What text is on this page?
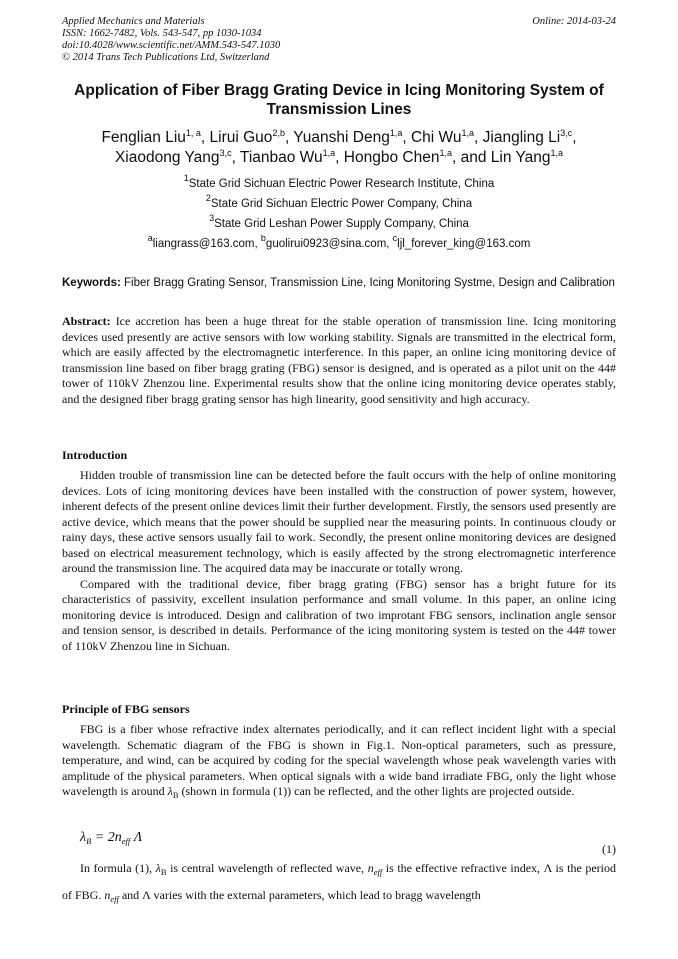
Applied Mechanics and Materials
ISSN: 1662-7482, Vols. 543-547, pp 1030-1034
doi:10.4028/www.scientific.net/AMM.543-547.1030
© 2014 Trans Tech Publications Ltd, Switzerland
Online: 2014-03-24
Application of Fiber Bragg Grating Device in Icing Monitoring System of Transmission Lines
Fenglian Liu$^{1, a}$, Lirui Guo$^{2,b}$, Yuanshi Deng$^{1,a}$, Chi Wu$^{1,a}$, Jiangling Li$^{3,c}$,
Xiaodong Yang$^{3,c}$, Tianbao Wu$^{1,a}$, Hongbo Chen$^{1,a}$, and Lin Yang$^{1,a}$
$^1$State Grid Sichuan Electric Power Research Institute, China
$^2$State Grid Sichuan Electric Power Company, China
$^3$State Grid Leshan Power Supply Company, China
$^a$liangrass@163.com, $^b$guolirui0923@sina.com, $^c$ljl_forever_king@163.com
Keywords: Fiber Bragg Grating Sensor, Transmission Line, Icing Monitoring Systme, Design and Calibration
Abstract: Ice accretion has been a huge threat for the stable operation of transmission line. Icing monitoring devices used presently are active sensors with low working stability. Signals are transmitted in the electrical form, which are easily affected by the electromagnetic interference. In this paper, an online icing monitoring device of transmission line based on fiber bragg grating (FBG) sensor is designed, and is operated as a pilot unit on the 44# tower of 110kV Zhenzou line. Experimental results show that the online icing monitoring device operates stably, and the designed fiber bragg grating sensor has high linearity, good sensitivity and high accuracy.
Introduction

Hidden trouble of transmission line can be detected before the fault occurs with the help of online monitoring devices. Lots of icing monitoring devices have been installed with the construction of power system, however, inherent defects of the present online devices limit their further development. Firstly, the sensors used presently are active device, which means that the power should be supplied near the measuring points. In continuous cloudy or rainy days, these active sensors usually fail to work. Secondly, the present online monitoring devices are designed based on electrical measurement technology, which is easily affected by the strong electromagnetic interference around the transmission line. The acquired data may be inaccurate or totally wrong.

Compared with the traditional device, fiber bragg grating (FBG) sensor has a bright future for its characteristics of passivity, excellent insulation performance and small volume. In this paper, an online icing monitoring device is introduced. Design and calibration of two improtant FBG sensors, inclination angle sensor and tension sensor, is described in details. Performance of the icing monitoring system is tested on the 44# tower of 110kV Zhenzou line in Sichuan.

Principle of FBG sensors

FBG is a fiber whose refractive index alternates periodically, and it can reflect incident light with a special wavelength. Schematic diagram of the FBG is shown in Fig.1. Non-optical parameters, such as pressure, temperature, and wind, can be acquired by coding for the special wavelength whose peak wavelength varies with amplitude of the physical parameters. When optical signals with a wide band irradiate FBG, only the light whose wavelength is around $\lambda_B$ (shown in formula (1)) can be reflected, and the other lights are projected outside.

$\lambda_B = 2n_{eff}$ Λ
(1)

In formula (1), $\lambda_B$ is central wavelength of reflected wave, $n_{eff}$ is the effective refractive index, Λ is the period of FBG. $n_{eff}$ and Λ varies with the external parameters, which lead to bragg wavelength
